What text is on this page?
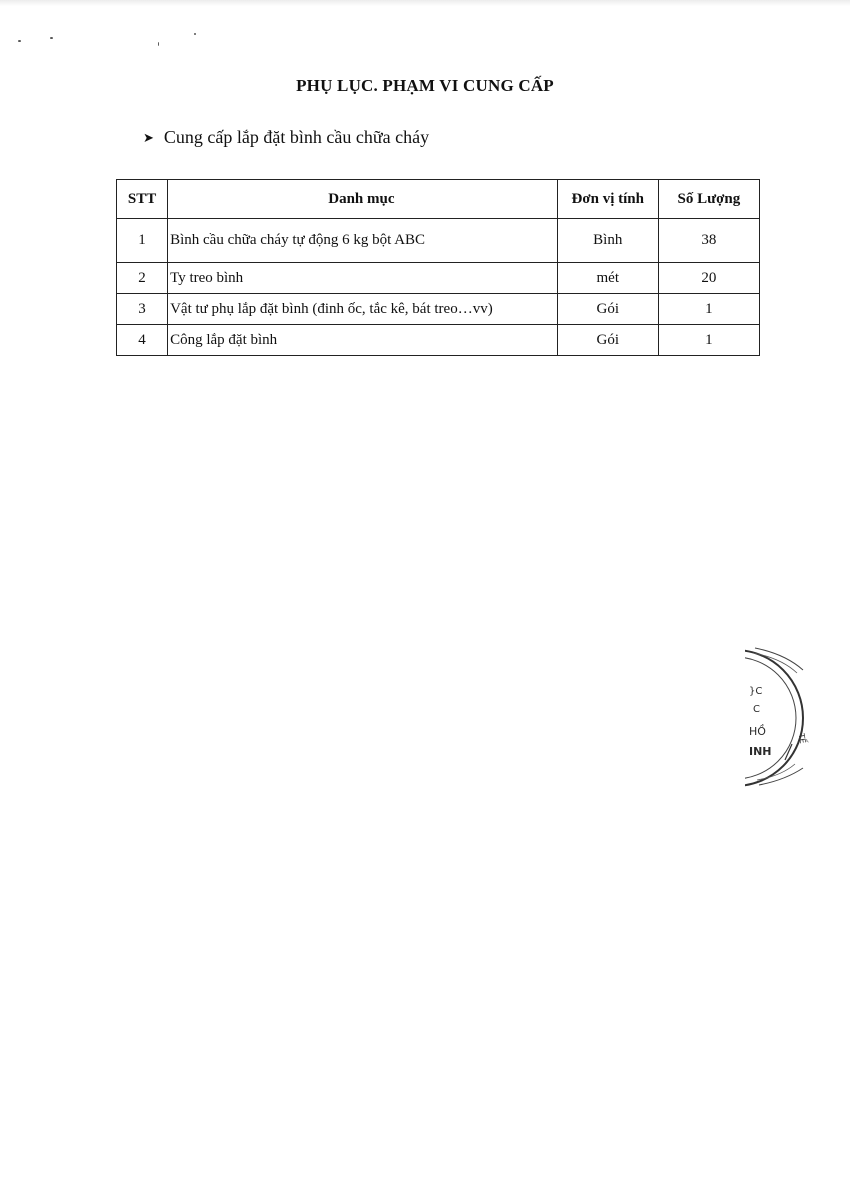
PHỤ LỤC. PHẠM VI CUNG CẤP
➤ Cung cấp lắp đặt bình cầu chữa cháy
STT	Danh mục	Đơn vị tính	Số Lượng
1	Bình cầu chữa cháy tự động 6 kg bột ABC	Bình	38
2	Ty treo bình	mét	20
3	Vật tư phụ lắp đặt bình (đinh ốc, tắc kê, bát treo…vv)	Gói	1
4	Công lắp đặt bình	Gói	1
}C
C
HỒ
INH
TẾ
